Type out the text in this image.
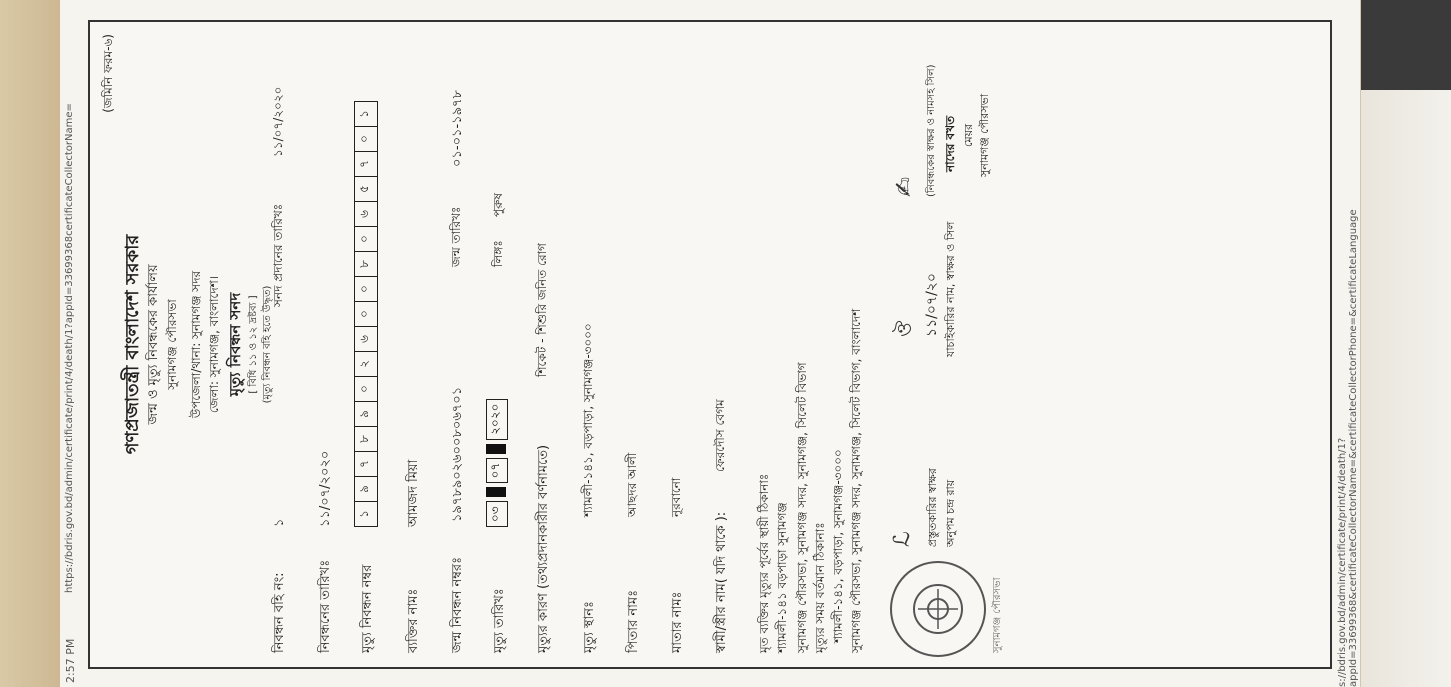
2:57 PM
https://bdris.gov.bd/admin/certificate/print/4/death/1?appId=33699368certificateCollectorName=
(জমিনি ফরম-৬)
গণপ্রজাতন্ত্রী বাংলাদেশ সরকার জন্ম ও মৃত্যু নিবন্ধকের কার্যালয় সুনামগঞ্জ পৌরসভা উপজেলা/থানা: সুনামগঞ্জ সদর জেলা: সুনামগঞ্জ, বাংলাদেশ। মৃত্যু নিবন্ধন সনদ [ বিধি ১১ ও ১২ দ্রষ্টব্য ] (মৃত্যু নিবন্ধন বহি হতে উদ্ধৃত)
নিবন্ধন বহি নং:
১
সনদ প্রদানের তারিখঃ
১১/০৭/২০২০
নিবন্ধনের তারিখঃ
১১/০৭/২০২০
মৃত্যু নিবন্ধন নম্বর
১
৯
৭
৮
৯
০
২
৬
০
০
৮
০
৬
৫
৭
০
১
ব্যক্তির নামঃ
আমজদ মিয়া
জন্ম নিবন্ধন নম্বরঃ
১৯৭৮৯০২৬০০৮০৬৭০১
জন্ম তারিখঃ
০১-০১-১৯৭৮
মৃত্যু তারিখঃ
০৩
০৭
২০২০
লিঙ্গঃ
পুরুষ
মৃত্যুর কারণ (তথ্যপ্রদানকারীর বর্ণনামতে)
শিকেট - শিশুরি জনিত রোগ
মৃত্যু স্থানঃ
শ্যামলী-১৪১, বড়পাড়া, সুনামগঞ্জ-৩০০০
পিতার নামঃ
আছদর আলী
মাতার নামঃ
নূরবানো
স্বামী/স্ত্রীর নাম( যদি থাকে ):
ফেরদৌস বেগম
মৃত ব্যক্তির মৃত্যুর পূর্বের স্থায়ী ঠিকানাঃ শ্যামলী-১৪১ বড়পাড়া সুনামগঞ্জ সুনামগঞ্জ পৌরসভা, সুনামগঞ্জ সদর, সুনামগঞ্জ, সিলেট বিভাগ মৃত্যুর সময় বর্তমান ঠিকানাঃ শ্যামলী-১৪১, বড়পাড়া, সুনামগঞ্জ-৩০০০ সুনামগঞ্জ পৌরসভা, সুনামগঞ্জ সদর, সুনামগঞ্জ, সিলেট বিভাগ, বাংলাদেশ ℒ প্রস্তুতকারির স্বাক্ষর অনুপম চন্দ্র রায়
ঔ ১১/০৭/২০ যাচাইকারির নাম, স্বাক্ষর ও সিল
✍ (নিবন্ধকের স্বাক্ষর ও নামসহ সিল) নাদের বখত মেয়র সুনামগঞ্জ পৌরসভা
সুনামগঞ্জ পৌরসভা	s://bdris.gov.bd/admin/certificate/print/4/death/1?appId=33699368&certificateCollectorName=&certificateCollectorPhone=&certificateLanguage
